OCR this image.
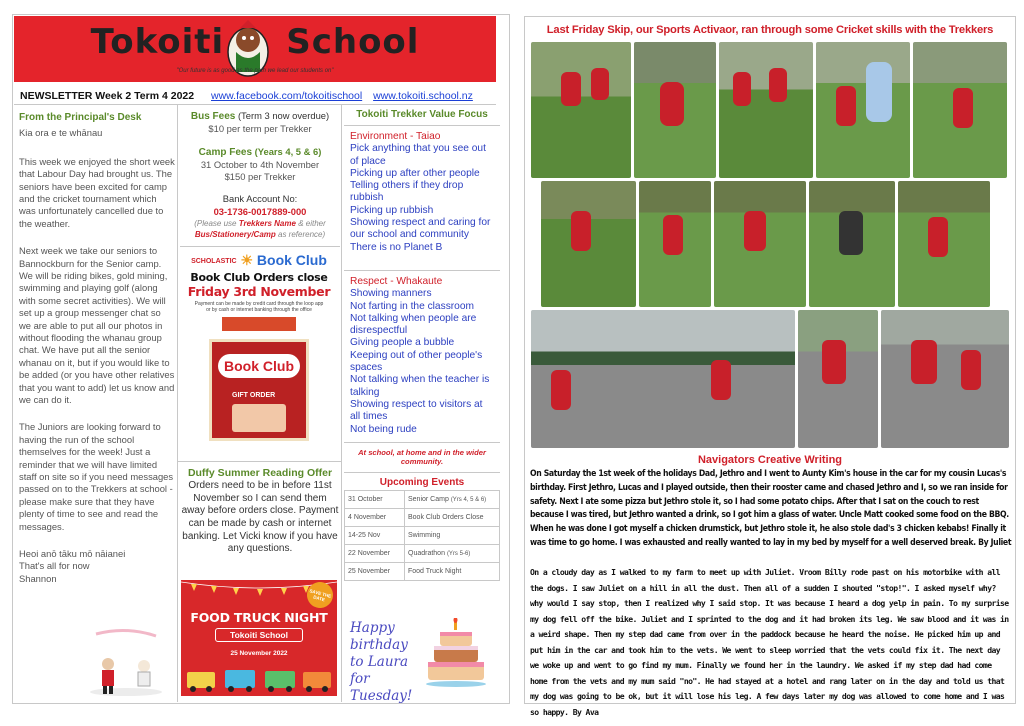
Tokoiti School
"Our future is as good as the path we lead our students on"
NEWSLETTER Week 2 Term 4 2022 www.facebook.com/tokoitischool www.tokoiti.school.nz
From the Principal's Desk

Kia ora e te whānau

This week we enjoyed the short week that Labour Day had brought us. The seniors have been excited for camp and the cricket tournament which was unfortunately cancelled due to the weather.

Next week we take our seniors to Bannockburn for the Senior camp. We will be riding bikes, gold mining, swimming and playing golf (along with some secret activities). We will set up a group messenger chat so we are able to put all our photos in without flooding the whanau group chat. We have put all the senior whanau on it, but if you would like to be added (or you have other relatives that you want to add) let us know and we can do it.

The Juniors are looking forward to having the run of the school themselves for the week! Just a reminder that we will have limited staff on site so if you need messages passed on to the Trekkers at school - please make sure that they have plenty of time to see and read the messages.

Heoi anō tāku mō nāianei
That's all for now
Shannon
Bus Fees (Term 3 now overdue)
$10 per term per Trekker
Camp Fees (Years 4, 5 & 6)
31 October to 4th November
$150 per Trekker
Bank Account No:
03-1736-0017889-000
(Please use Trekkers Name & either
Bus/Stationery/Camp as reference)
SCHOLASTIC ☀ Book Club
Book Club Orders close
Friday 3rd November
Payment can be made by credit card through the loop app or by cash or internet banking through the office
Book Club
GIFT ORDER
Duffy Summer Reading Offer
Orders need to be in before 11st November so I can send them away before orders close. Payment can be made by cash or internet banking. Let Vicki know if you have any questions.
SAVE THE DATE
FOOD TRUCK NIGHT
Tokoiti School
25 November 2022
Tokoiti Trekker Value Focus
Environment - Taiao
Pick anything that you see out of place
Picking up after other people
Telling others if they drop rubbish
Picking up rubbish
Showing respect and caring for our school and community
There is no Planet B
Respect - Whakaute
Showing manners
Not farting in the classroom
Not talking when people are disrespectful
Giving people a bubble
Keeping out of other people's spaces
Not talking when the teacher is talking
Showing respect to visitors at all times
Not being rude
At school, at home and in the wider community.
Upcoming Events
31 October	Senior Camp (Yrs 4, 5 & 6)
4 November	Book Club Orders Close
14-25 Nov	Swimming
22 November	Quadrathon (Yrs 5-6)
25 November	Food Truck Night
Happy birthday to Laura for Tuesday!
Last Friday Skip, our Sports Activaor, ran through some Cricket skills with the Trekkers
Navigators Creative Writing
On Saturday the 1st week of the holidays Dad, Jethro and I went to Aunty Kim's house in the car for my cousin Lucas's birthday. First Jethro, Lucas and I played outside, then their rooster came and chased Jethro and I, so we ran inside for safety. Next I ate some pizza but Jethro stole it, so I had some potato chips. After that I sat on the couch to rest because I was tired, but Jethro wanted a drink, so I got him a glass of water. Uncle Matt cooked some food on the BBQ. When he was done I got myself a chicken drumstick, but Jethro stole it, he also stole dad's 3 chicken kebabs! Finally it was time to go home. I was exhausted and really wanted to lay in my bed by myself for a well deserved break. By Juliet
On a cloudy day as I walked to my farm to meet up with Juliet. Vroom Billy rode past on his motorbike with all the dogs. I saw Juliet on a hill in all the dust. Then all of a sudden I shouted "stop!". I asked myself why? why would I say stop, then I realized why I said stop. It was because I heard a dog yelp in pain. To my surprise my dog fell off the bike. Juliet and I sprinted to the dog and it had broken its leg. We saw blood and it was in a weird shape. Then my step dad came from over in the paddock because he heard the noise. He picked him up and put him in the car and took him to the vets. We went to sleep worried that the vets could fix it. The next day we woke up and went to go find my mum. Finally we found her in the laundry. We asked if my step dad had come home from the vets and my mum said "no". He had stayed at a hotel and rang later on in the day and told us that my dog was going to be ok, but it will lose his leg. A few days later my dog was allowed to come home and I was so happy. By Ava
